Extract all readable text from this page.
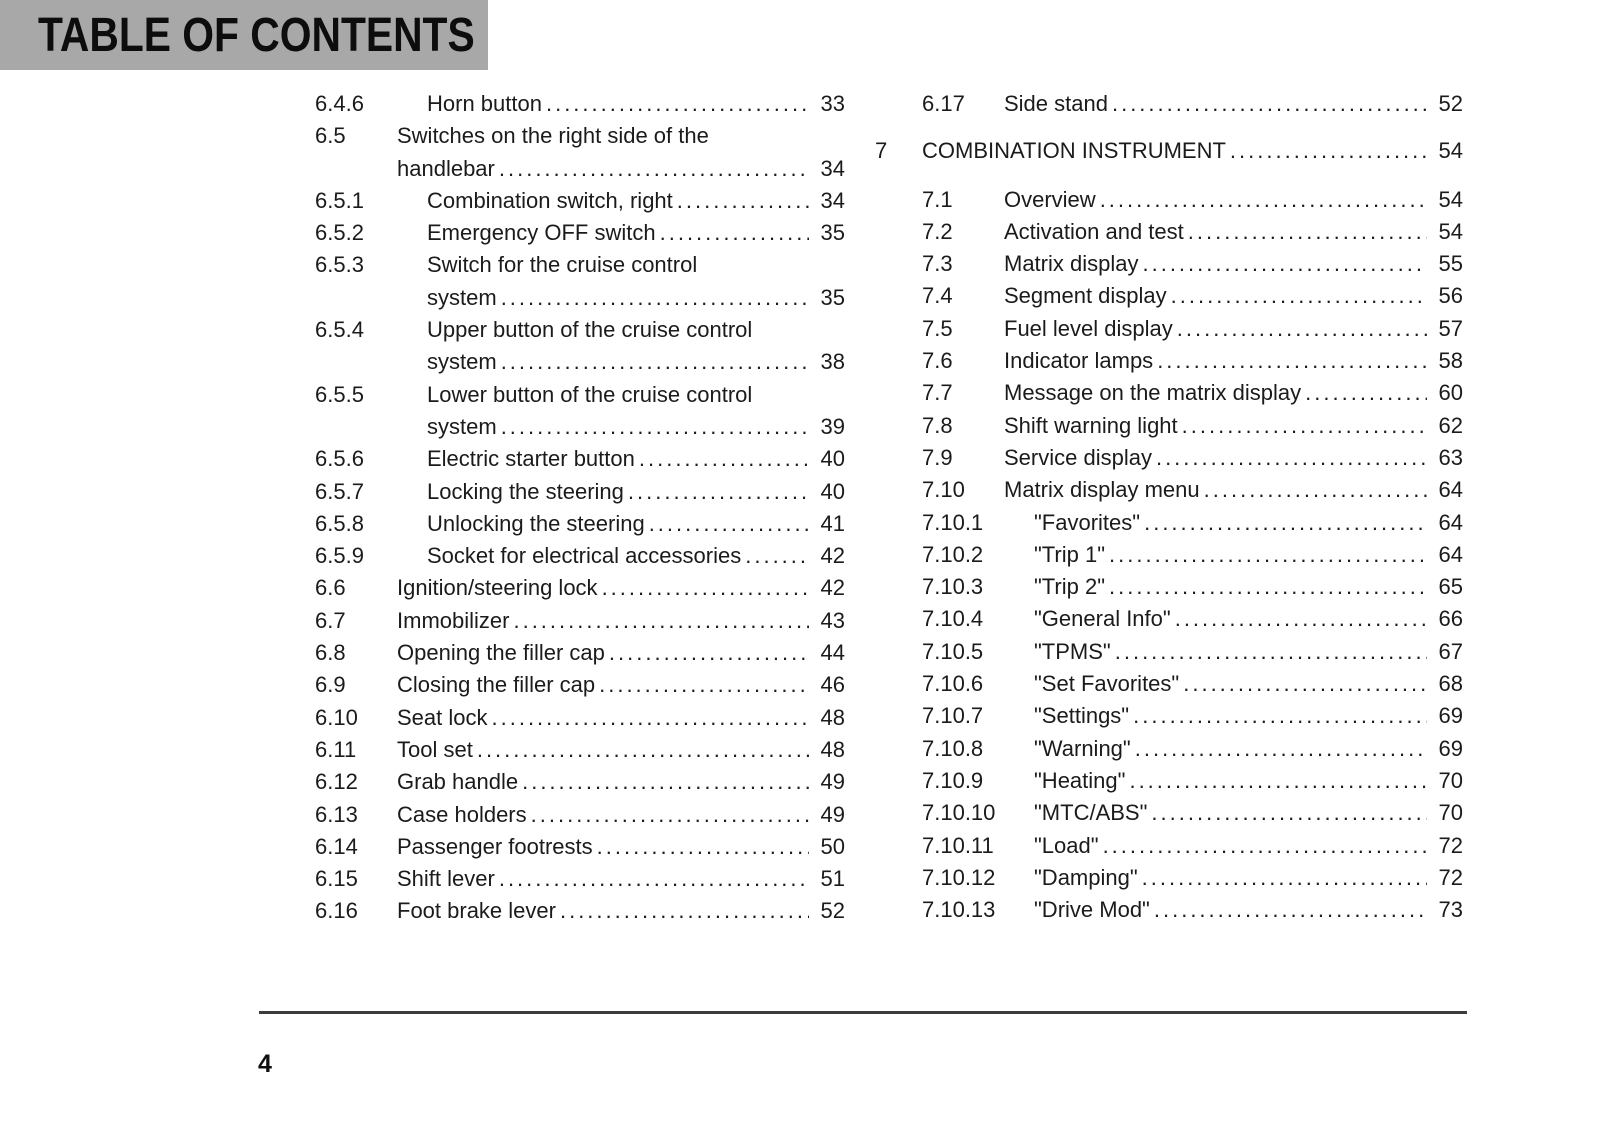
TABLE OF CONTENTS
6.4.6	Horn button .....	33
6.5	Switches on the right side of the
handlebar .....	34
6.5.1	Combination switch, right .....	34
6.5.2	Emergency OFF switch .....	35
6.5.3	Switch for the cruise control
system .....	35
6.5.4	Upper button of the cruise control
system .....	38
6.5.5	Lower button of the cruise control
system .....	39
6.5.6	Electric starter button .....	40
6.5.7	Locking the steering .....	40
6.5.8	Unlocking the steering .....	41
6.5.9	Socket for electrical accessories .....	42
6.6	Ignition/steering lock .....	42
6.7	Immobilizer .....	43
6.8	Opening the filler cap .....	44
6.9	Closing the filler cap .....	46
6.10	Seat lock .....	48
6.11	Tool set .....	48
6.12	Grab handle .....	49
6.13	Case holders .....	49
6.14	Passenger footrests .....	50
6.15	Shift lever .....	51
6.16	Foot brake lever .....	52
6.17	Side stand .....	52
7	COMBINATION INSTRUMENT .....	54
7.1	Overview .....	54
7.2	Activation and test .....	54
7.3	Matrix display .....	55
7.4	Segment display .....	56
7.5	Fuel level display .....	57
7.6	Indicator lamps .....	58
7.7	Message on the matrix display .....	60
7.8	Shift warning light .....	62
7.9	Service display .....	63
7.10	Matrix display menu .....	64
7.10.1	"Favorites" .....	64
7.10.2	"Trip 1" .....	64
7.10.3	"Trip 2" .....	65
7.10.4	"General Info" .....	66
7.10.5	"TPMS" .....	67
7.10.6	"Set Favorites" .....	68
7.10.7	"Settings" .....	69
7.10.8	"Warning" .....	69
7.10.9	"Heating" .....	70
7.10.10	"MTC/ABS" .....	70
7.10.11	"Load" .....	72
7.10.12	"Damping" .....	72
7.10.13	"Drive Mod" .....	73
4
